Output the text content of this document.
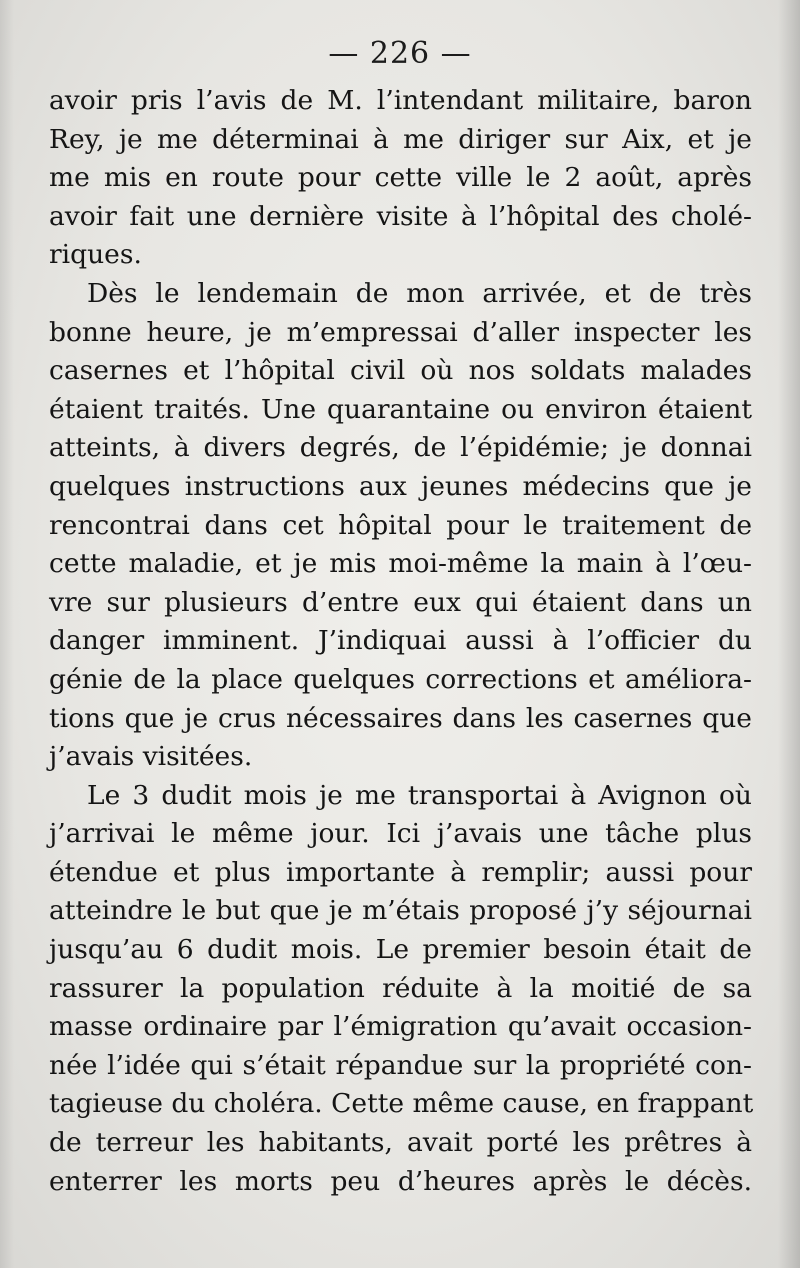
— 226 —
avoir pris l’avis de M. l’intendant militaire, baron
Rey, je me déterminai à me diriger sur Aix, et je
me mis en route pour cette ville le 2 août, après
avoir fait une dernière visite à l’hôpital des cholé-
riques.
Dès le lendemain de mon arrivée, et de très
bonne heure, je m’empressai d’aller inspecter les
casernes et l’hôpital civil où nos soldats malades
étaient traités. Une quarantaine ou environ étaient
atteints, à divers degrés, de l’épidémie; je donnai
quelques instructions aux jeunes médecins que je
rencontrai dans cet hôpital pour le traitement de
cette maladie, et je mis moi-même la main à l’œu-
vre sur plusieurs d’entre eux qui étaient dans un
danger imminent. J’indiquai aussi à l’officier du
génie de la place quelques corrections et améliora-
tions que je crus nécessaires dans les casernes que
j’avais visitées.
Le 3 dudit mois je me transportai à Avignon où
j’arrivai le même jour. Ici j’avais une tâche plus
étendue et plus importante à remplir; aussi pour
atteindre le but que je m’étais proposé j’y séjournai
jusqu’au 6 dudit mois. Le premier besoin était de
rassurer la population réduite à la moitié de sa
masse ordinaire par l’émigration qu’avait occasion-
née l’idée qui s’était répandue sur la propriété con-
tagieuse du choléra. Cette même cause, en frappant
de terreur les habitants, avait porté les prêtres à
enterrer les morts peu d’heures après le décès.
